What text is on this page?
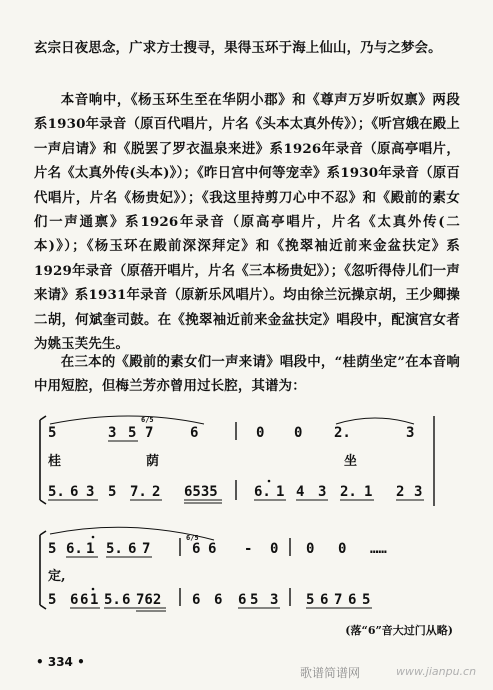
玄宗日夜思念，广求方士搜寻，果得玉环于海上仙山，乃与之梦会。

本音响中，《杨玉环生至在华阴小郡》和《尊声万岁听奴禀》两段系1930年录音（原百代唱片，片名《头本太真外传》）；《听宫娥在殿上一声启请》和《脱罢了罗衣温泉来进》系1926年录音（原高亭唱片，片名《太真外传(头本)》）；《昨日宫中何等宠幸》系1930年录音（原百代唱片，片名《杨贵妃》）；《我这里持剪刀心中不忍》和《殿前的素女们一声通禀》系1926年录音（原高亭唱片，片名《太真外传(二本)》）；《杨玉环在殿前深深拜定》和《挽翠袖近前来金盆扶定》系1929年录音（原蓓开唱片，片名《三本杨贵妃》）；《忽听得侍儿们一声来请》系1931年录音（原新乐风唱片）。均由徐兰沅操京胡，王少卿操二胡，何斌奎司鼓。在《挽翠袖近前来金盆扶定》唱段中，配演宫女者为姚玉芙先生。

在三本的《殿前的素女们一声来请》唱段中，“桂荫坐定”在本音响中用短腔，但梅兰芳亦曾用过长腔，其谱为：

5	3 5 7	6	0 0 2.	3
6/5
桂	荫	坐
5. 6 3 5 7. 2 6535	6. 1 4 3 2. 1 2 3
5 6. 1 5. 6 7	6 6 - 0 0 0 ……
6/5
定,
5 6 6 1 5. 6 762 6 6 6 5 3 5 6 7 6 5
(落“6”音大过门从略)
• 334 •
歌谱简谱网	www.jianpu.cn
